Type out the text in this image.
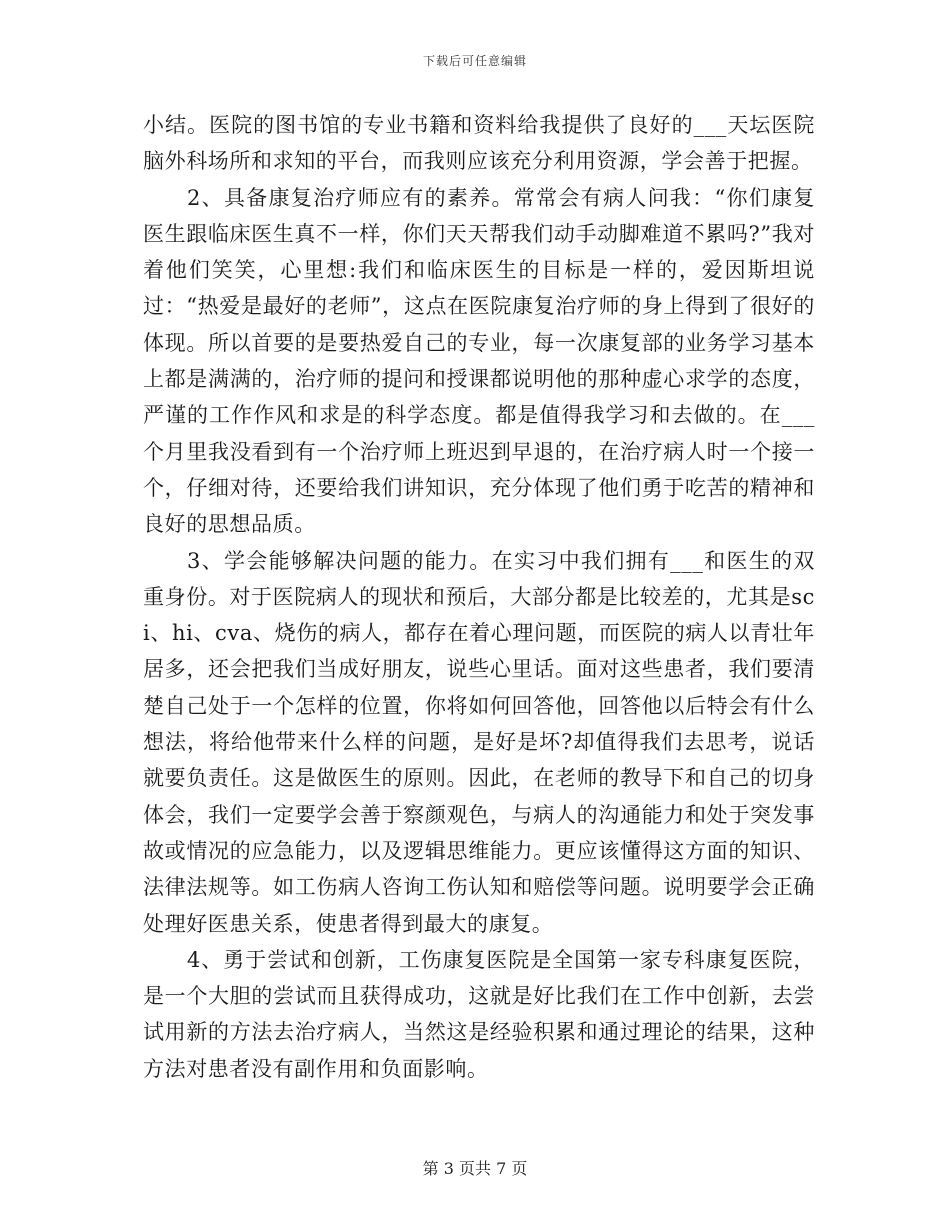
下载后可任意编辑

小结。医院的图书馆的专业书籍和资料给我提供了良好的___天坛医院脑外科场所和求知的平台，而我则应该充分利用资源，学会善于把握。

2、具备康复治疗师应有的素养。常常会有病人问我：“你们康复医生跟临床医生真不一样，你们天天帮我们动手动脚难道不累吗?”我对着他们笑笑，心里想:我们和临床医生的目标是一样的，爱因斯坦说过：“热爱是最好的老师”，这点在医院康复治疗师的身上得到了很好的体现。所以首要的是要热爱自己的专业，每一次康复部的业务学习基本上都是满满的，治疗师的提问和授课都说明他的那种虚心求学的态度，严谨的工作作风和求是的科学态度。都是值得我学习和去做的。在___个月里我没看到有一个治疗师上班迟到早退的，在治疗病人时一个接一个，仔细对待，还要给我们讲知识，充分体现了他们勇于吃苦的精神和良好的思想品质。

3、学会能够解决问题的能力。在实习中我们拥有___和医生的双重身份。对于医院病人的现状和预后，大部分都是比较差的，尤其是sci、hi、cva、烧伤的病人，都存在着心理问题，而医院的病人以青壮年居多，还会把我们当成好朋友，说些心里话。面对这些患者，我们要清楚自己处于一个怎样的位置，你将如何回答他，回答他以后特会有什么想法，将给他带来什么样的问题，是好是坏?却值得我们去思考，说话就要负责任。这是做医生的原则。因此，在老师的教导下和自己的切身体会，我们一定要学会善于察颜观色，与病人的沟通能力和处于突发事故或情况的应急能力，以及逻辑思维能力。更应该懂得这方面的知识、法律法规等。如工伤病人咨询工伤认知和赔偿等问题。说明要学会正确处理好医患关系，使患者得到最大的康复。

4、勇于尝试和创新，工伤康复医院是全国第一家专科康复医院，是一个大胆的尝试而且获得成功，这就是好比我们在工作中创新，去尝试用新的方法去治疗病人，当然这是经验积累和通过理论的结果，这种方法对患者没有副作用和负面影响。

第 3 页共 7 页
